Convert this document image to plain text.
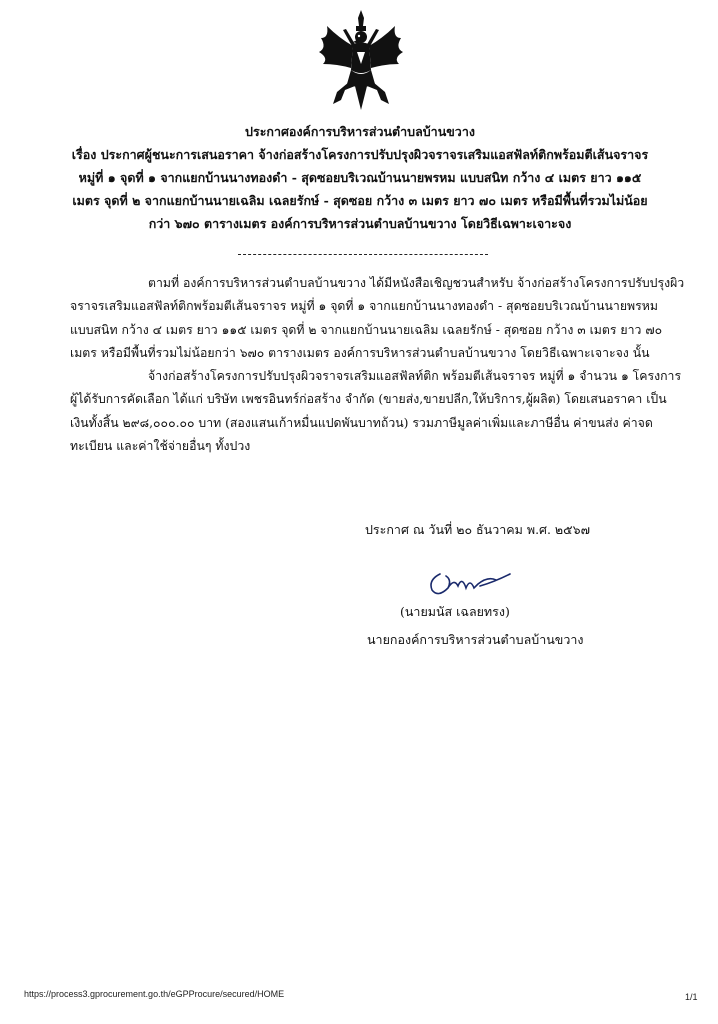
ประกาศองค์การบริหารส่วนตำบลบ้านขวาง
เรื่อง ประกาศผู้ชนะการเสนอราคา จ้างก่อสร้างโครงการปรับปรุงผิวจราจรเสริมแอสฟัลท์ติกพร้อมตีเส้นจราจร
หมู่ที่ ๑ จุดที่ ๑ จากแยกบ้านนางทองดำ - สุดซอยบริเวณบ้านนายพรหม แบบสนิท กว้าง ๔ เมตร ยาว ๑๑๕
เมตร จุดที่ ๒ จากแยกบ้านนายเฉลิม เฉลยรักษ์ - สุดซอย กว้าง ๓ เมตร ยาว ๗๐ เมตร หรือมีพื้นที่รวมไม่น้อย
กว่า ๖๗๐ ตารางเมตร องค์การบริหารส่วนตำบลบ้านขวาง โดยวิธีเฉพาะเจาะจง
ตามที่ องค์การบริหารส่วนตำบลบ้านขวาง ได้มีหนังสือเชิญชวนสำหรับ จ้างก่อสร้างโครงการปรับปรุงผิว
จราจรเสริมแอสฟัลท์ติกพร้อมตีเส้นจราจร หมู่ที่ ๑ จุดที่ ๑ จากแยกบ้านนางทองดำ - สุดซอยบริเวณบ้านนายพรหม
แบบสนิท กว้าง ๔ เมตร ยาว ๑๑๕ เมตร จุดที่ ๒ จากแยกบ้านนายเฉลิม เฉลยรักษ์ - สุดซอย กว้าง ๓ เมตร ยาว ๗๐
เมตร หรือมีพื้นที่รวมไม่น้อยกว่า ๖๗๐ ตารางเมตร องค์การบริหารส่วนตำบลบ้านขวาง โดยวิธีเฉพาะเจาะจง นั้น
จ้างก่อสร้างโครงการปรับปรุงผิวจราจรเสริมแอสฟัลท์ติก พร้อมตีเส้นจราจร หมู่ที่ ๑ จำนวน ๑ โครงการ
ผู้ได้รับการคัดเลือก ได้แก่ บริษัท เพชรอินทร์ก่อสร้าง จำกัด (ขายส่ง,ขายปลีก,ให้บริการ,ผู้ผลิต) โดยเสนอราคา เป็น
เงินทั้งสิ้น ๒๙๘,๐๐๐.๐๐ บาท (สองแสนเก้าหมื่นแปดพันบาทถ้วน) รวมภาษีมูลค่าเพิ่มและภาษีอื่น ค่าขนส่ง ค่าจด
ทะเบียน และค่าใช้จ่ายอื่นๆ ทั้งปวง
ประกาศ ณ วันที่ ๒๐ ธันวาคม พ.ศ. ๒๕๖๗
(นายมนัส เฉลยทรง)
นายกองค์การบริหารส่วนตำบลบ้านขวาง
https://process3.gprocurement.go.th/eGPProcure/secured/HOME	1/1
